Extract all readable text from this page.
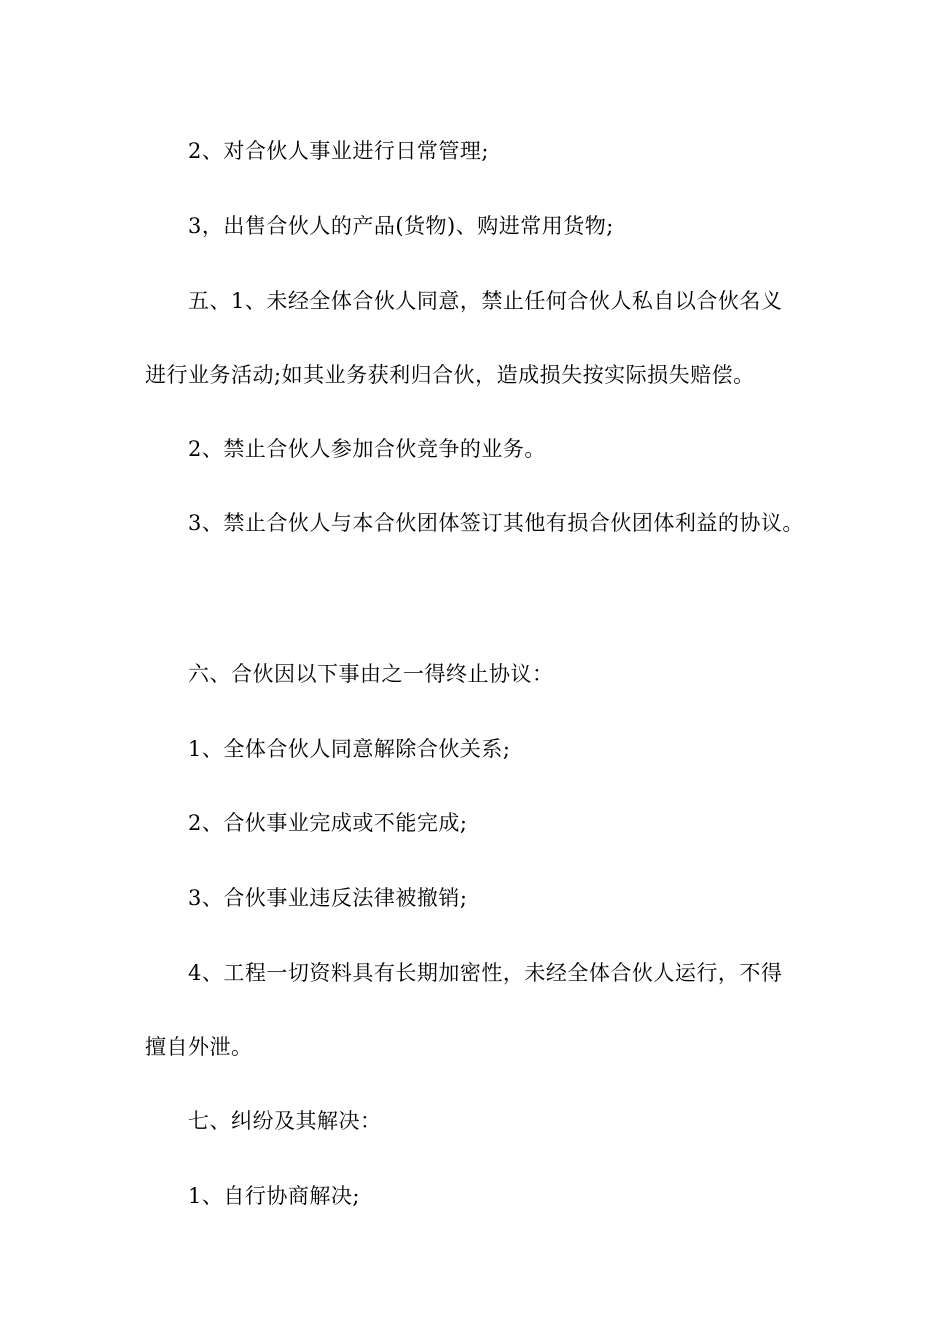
2、对合伙人事业进行日常管理;
3，出售合伙人的产品(货物)、购进常用货物;
五、1、未经全体合伙人同意，禁止任何合伙人私自以合伙名义
进行业务活动;如其业务获利归合伙，造成损失按实际损失赔偿。
2、禁止合伙人参加合伙竞争的业务。
3、禁止合伙人与本合伙团体签订其他有损合伙团体利益的协议。
六、合伙因以下事由之一得终止协议：
1、全体合伙人同意解除合伙关系;
2、合伙事业完成或不能完成;
3、合伙事业违反法律被撤销;
4、工程一切资料具有长期加密性，未经全体合伙人运行，不得
擅自外泄。
七、纠纷及其解决：
1、自行协商解决;
